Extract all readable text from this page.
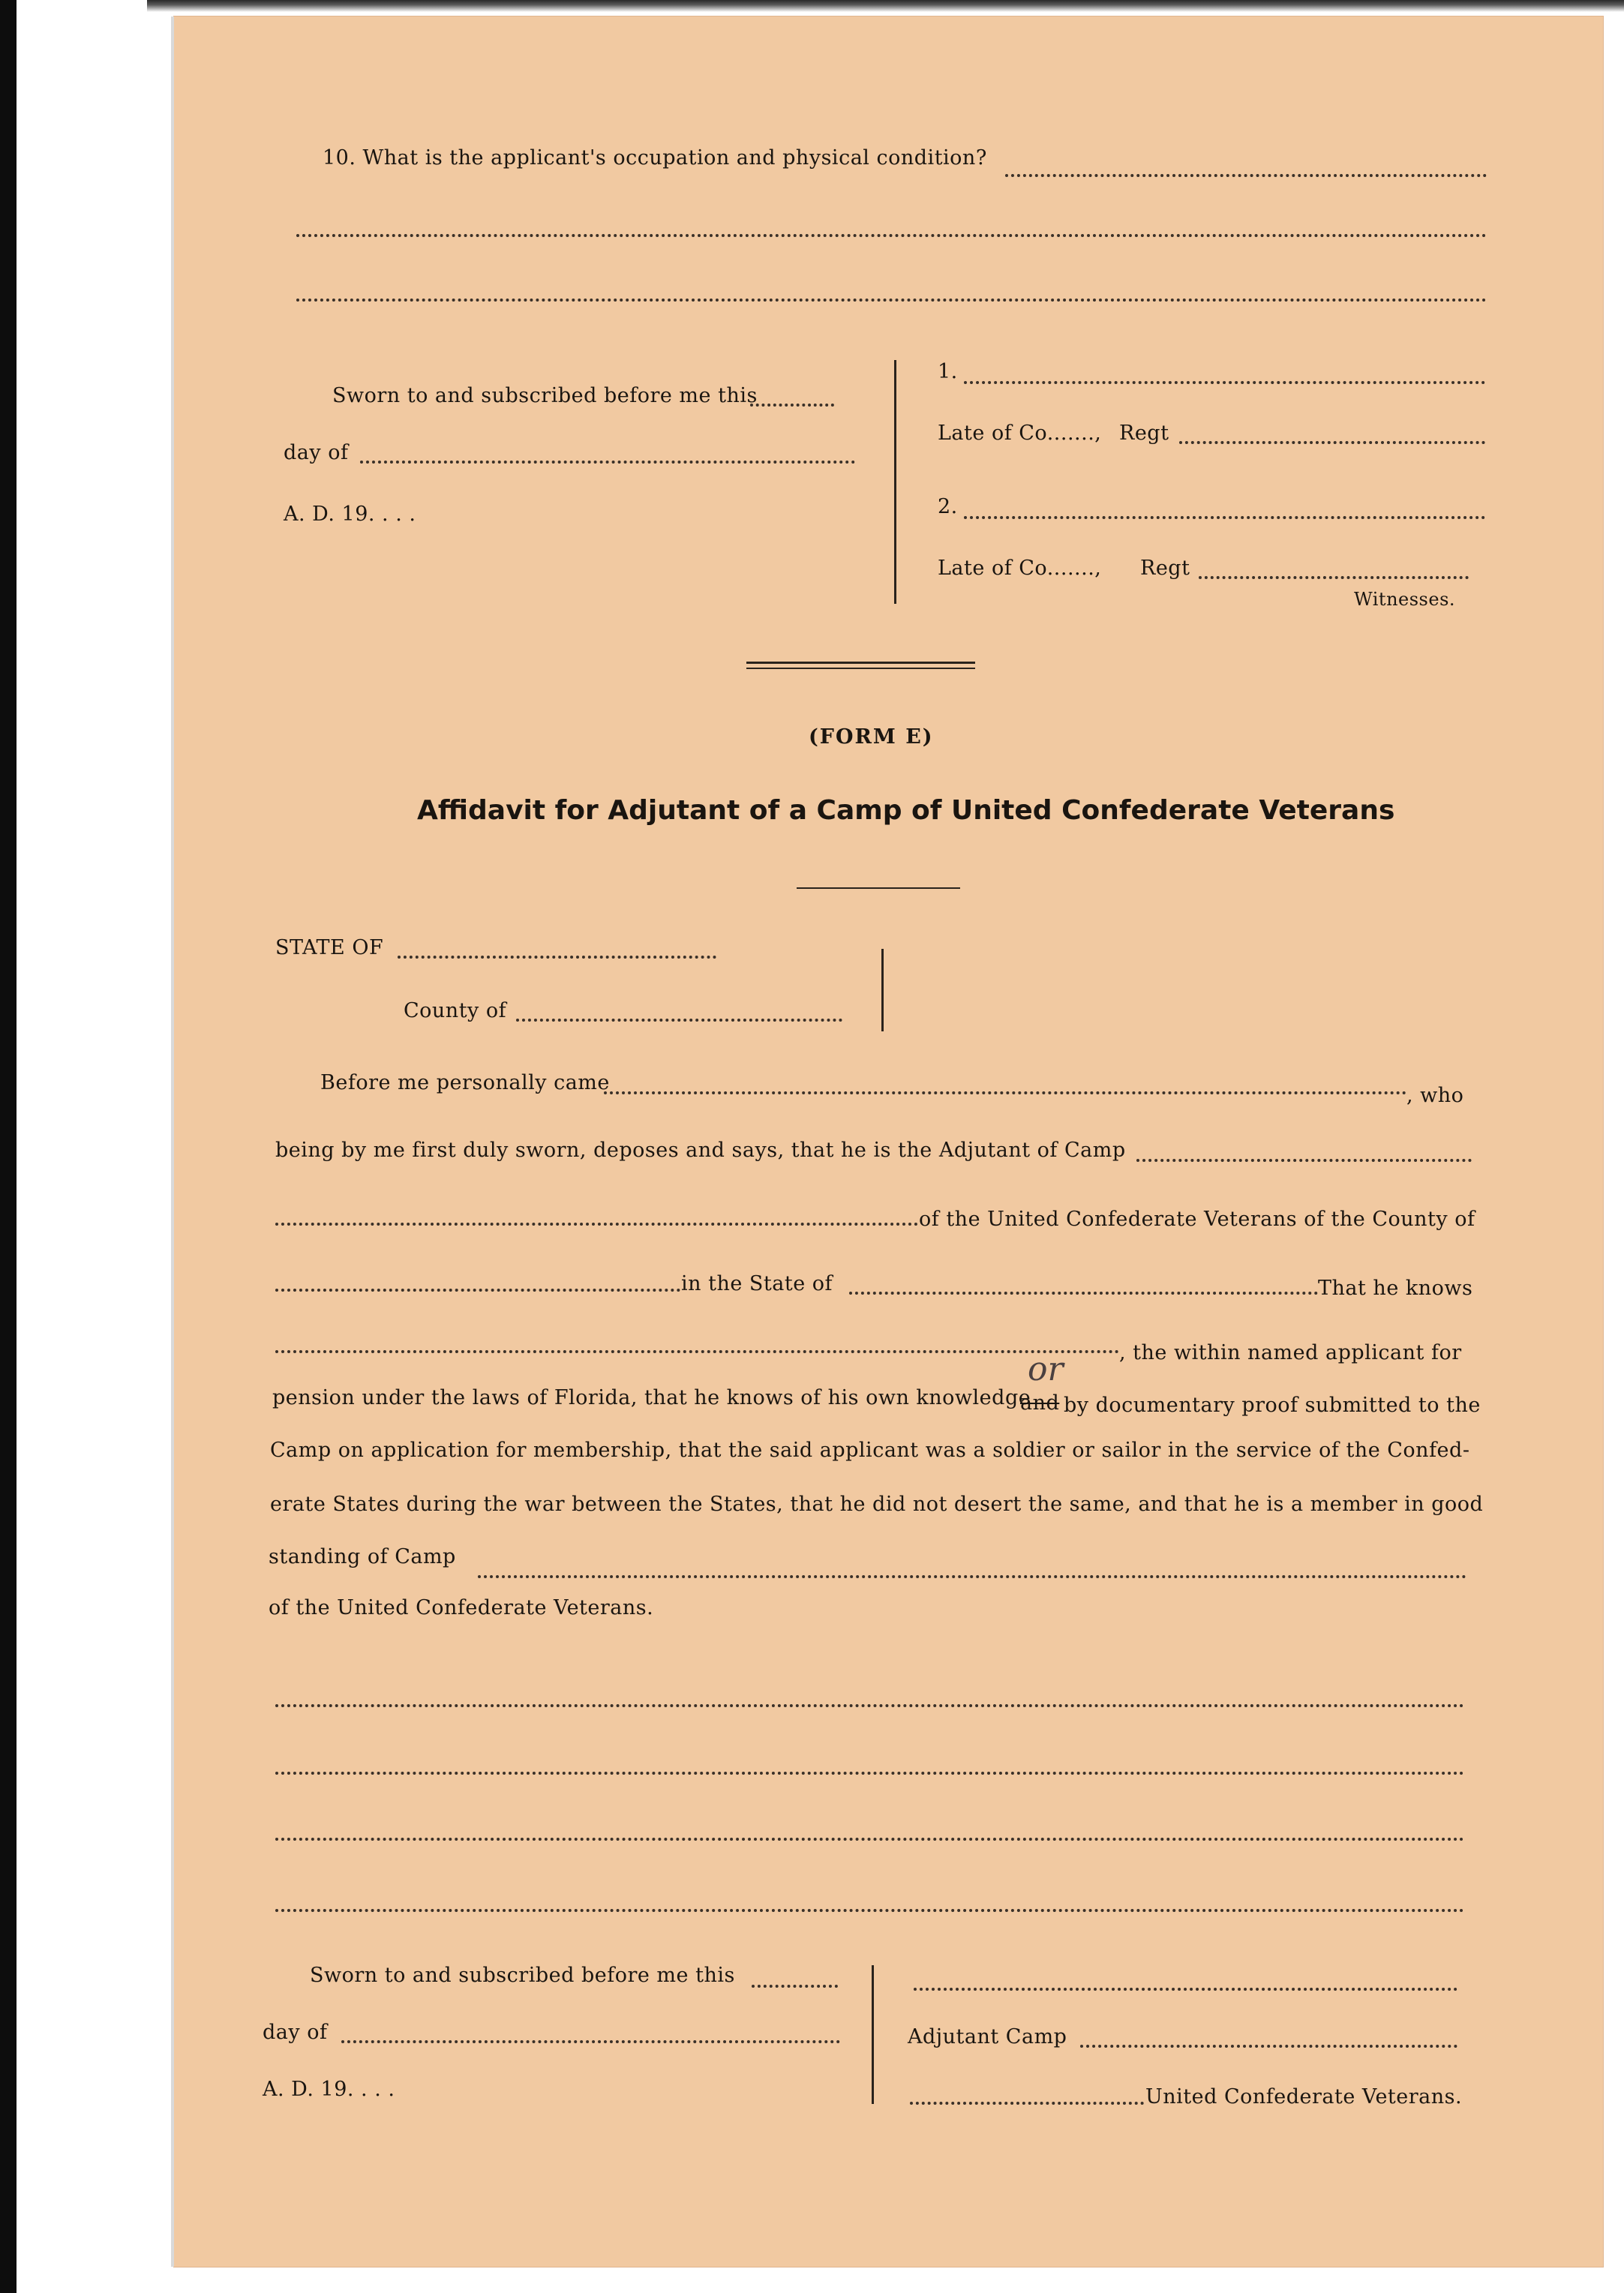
10. What is the applicant's occupation and physical condition?
Sworn to and subscribed before me this
day of
A. D. 19. . . .
1.
Late of Co......., Regt
2.
Late of Co......., Regt
Witnesses.
(FORM E)
Affidavit for Adjutant of a Camp of United Confederate Veterans
STATE OF
County of
Before me personally came
, who
being by me first duly sworn, deposes and says, that he is the Adjutant of Camp
of the United Confederate Veterans of the County of
in the State of	That he knows
, the within named applicant for
pension under the laws of Florida, that he knows of his own knowledge
and
or
by documentary proof submitted to the
Camp on application for membership, that the said applicant was a soldier or sailor in the service of the Confed-
erate States during the war between the States, that he did not desert the same, and that he is a member in good
standing of Camp
of the United Confederate Veterans.
Sworn to and subscribed before me this
day of
A. D. 19. . . .
Adjutant Camp
United Confederate Veterans.
